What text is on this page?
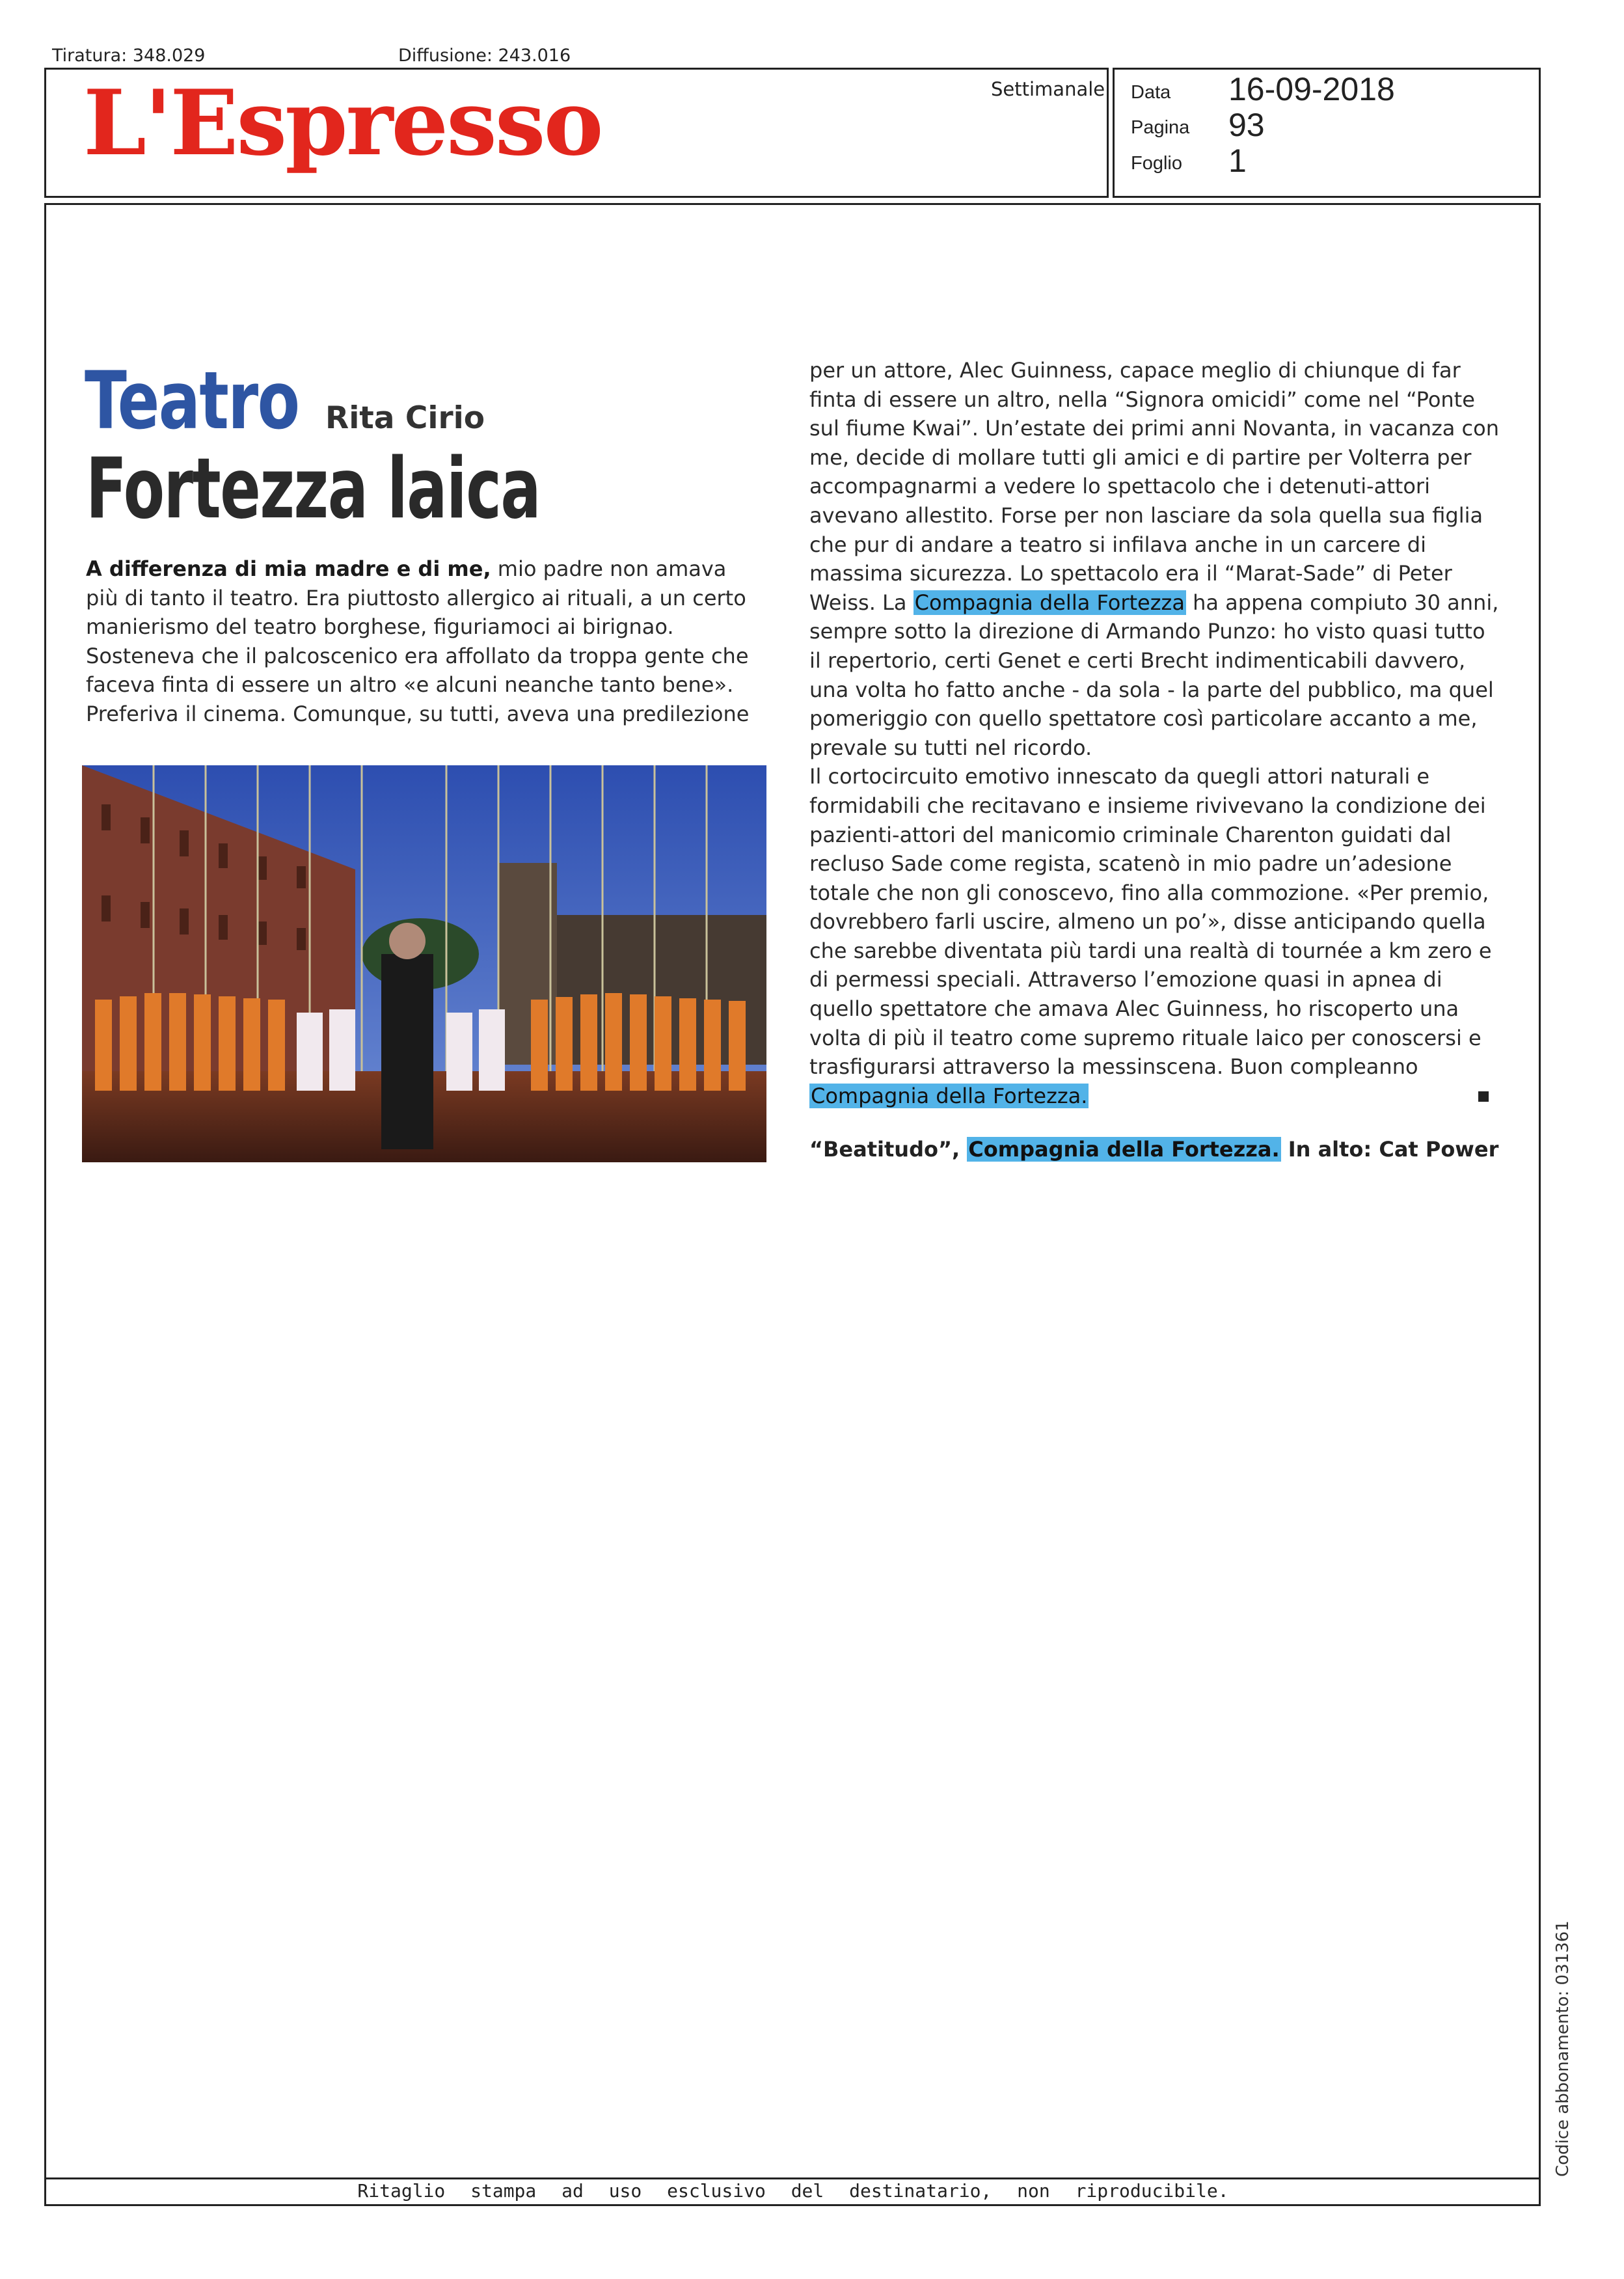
Tiratura: 348.029	Diffusione: 243.016
L'Espresso	Settimanale Data 16-09-2018
Pagina 93
Foglio 1
Teatro Rita Cirio
Fortezza laica

A differenza di mia madre e di me, mio padre non amava più di tanto il teatro. Era piuttosto allergico ai rituali, a un certo manierismo del teatro borghese, figuriamoci ai birignao. Sosteneva che il palcoscenico era affollato da troppa gente che faceva finta di essere un altro «e alcuni neanche tanto bene». Preferiva il cinema. Comunque, su tutti, aveva una predilezione

per un attore, Alec Guinness, capace meglio di chiunque di far finta di essere un altro, nella “Signora omicidi” come nel “Ponte sul fiume Kwai”. Un’estate dei primi anni Novanta, in vacanza con me, decide di mollare tutti gli amici e di partire per Volterra per accompagnarmi a vedere lo spettacolo che i detenuti-attori avevano allestito. Forse per non lasciare da sola quella sua figlia che pur di andare a teatro si infilava anche in un carcere di massima sicurezza. Lo spettacolo era il “Marat-Sade” di Peter Weiss. La Compagnia della Fortezza ha appena compiuto 30 anni, sempre sotto la direzione di Armando Punzo: ho visto quasi tutto il repertorio, certi Genet e certi Brecht indimenticabili davvero, una volta ho fatto anche - da sola - la parte del pubblico, ma quel pomeriggio con quello spettatore così particolare accanto a me, prevale su tutti nel ricordo.
Il cortocircuito emotivo innescato da quegli attori naturali e formidabili che recitavano e insieme rivivevano la condizione dei pazienti-attori del manicomio criminale Charenton guidati dal recluso Sade come regista, scatenò in mio padre un’adesione totale che non gli conoscevo, fino alla commozione. «Per premio, dovrebbero farli uscire, almeno un po’», disse anticipando quella che sarebbe diventata più tardi una realtà di tournée a km zero e di permessi speciali. Attraverso l’emozione quasi in apnea di quello spettatore che amava Alec Guinness, ho riscoperto una volta di più il teatro come supremo rituale laico per conoscersi e trasfigurarsi attraverso la messinscena. Buon compleanno Compagnia della Fortezza.

“Beatitudo”, Compagnia della Fortezza. In alto: Cat Power
Ritaglio stampa ad uso esclusivo del destinatario, non riproducibile.
Codice abbonamento: 031361
